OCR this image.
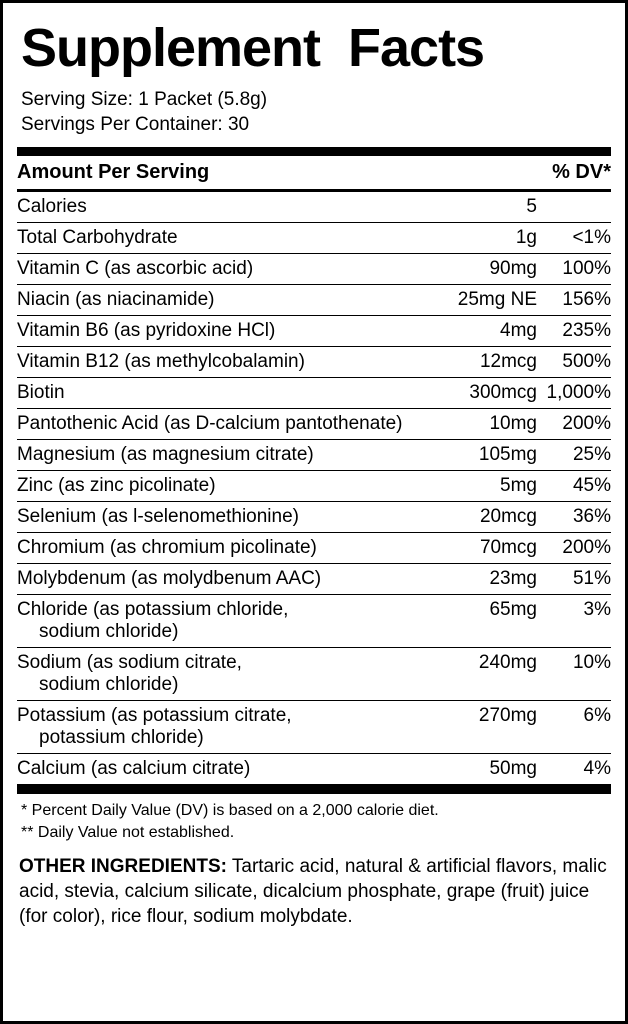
Supplement  Facts
Serving Size: 1 Packet (5.8g)
Servings Per Container: 30
Amount Per Serving		% DV*
Calories	5	
Total Carbohydrate	1g	<1%
Vitamin C (as ascorbic acid)	90mg	100%
Niacin (as niacinamide)	25mg NE	156%
Vitamin B6 (as pyridoxine HCl)	4mg	235%
Vitamin B12 (as methylcobalamin)	12mcg	500%
Biotin	300mcg	1,000%
Pantothenic Acid (as D-calcium pantothenate)	10mg	200%
Magnesium (as magnesium citrate)	105mg	25%
Zinc (as zinc picolinate)	5mg	45%
Selenium (as l-selenomethionine)	20mcg	36%
Chromium (as chromium picolinate)	70mcg	200%
Molybdenum (as molydbenum AAC)	23mg	51%
Chloride (as potassium chloride,
sodium chloride)	65mg	3%
Sodium (as sodium citrate,
sodium chloride)	240mg	10%
Potassium (as potassium citrate,
potassium chloride)	270mg	6%
Calcium (as calcium citrate)	50mg	4%
* Percent Daily Value (DV) is based on a 2,000 calorie diet.
** Daily Value not established.
OTHER INGREDIENTS: Tartaric acid, natural & artificial flavors, malic acid, stevia, calcium silicate, dicalcium phosphate, grape (fruit) juice (for color), rice flour, sodium molybdate.
